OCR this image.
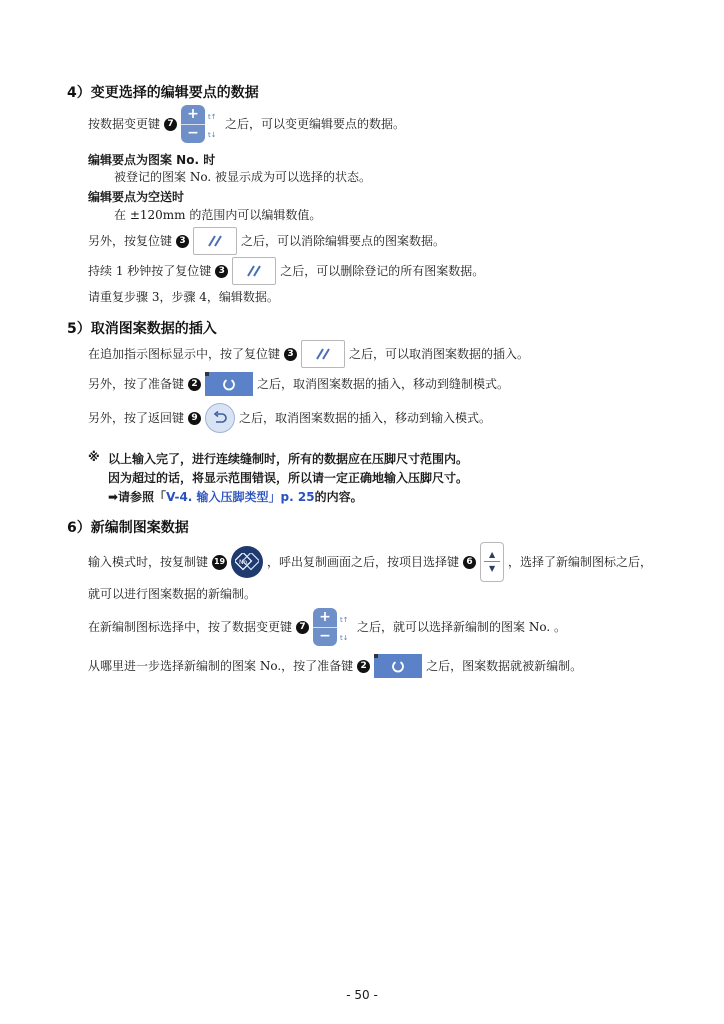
4）变更选择的编辑要点的数据
按数据变更键 7
+
−
t↑
t↓
之后，可以变更编辑要点的数据。
编辑要点为图案 No. 时
被登记的图案 No. 被显示成为可以选择的状态。
编辑要点为空送时
在 ±120mm 的范围内可以编辑数值。
另外，按复位键 3	之后，可以消除编辑要点的图案数据。
持续 1 秒钟按了复位键 3	之后，可以删除登记的所有图案数据。
请重复步骤 3，步骤 4，编辑数据。
5）取消图案数据的插入
在追加指示图标显示中，按了复位键 3	之后，可以取消图案数据的插入。
另外，按了准备键 2	之后，取消图案数据的插入，移动到缝制模式。
另外，按了返回键 9	之后，取消图案数据的插入，移动到输入模式。
※ 以上输入完了，进行连续缝制时，所有的数据应在压脚尺寸范围内。
因为超过的话，将显示范围错误，所以请一定正确地输入压脚尺寸。
➡请参照「V-4. 输入压脚类型」p. 25的内容。
6）新编制图案数据
输入模式时，按复制键 19	No. ，呼出复制画面之后，按项目选择键 6
▲
▼	，选择了新编制图标之后，
就可以进行图案数据的新编制。
在新编制图标选择中，按了数据变更键 7
+
−
t↑
t↓
之后，就可以选择新编制的图案 No. 。
从哪里进一步选择新编制的图案 No.，按了准备键 2	之后，图案数据就被新编制。
- 50 -
